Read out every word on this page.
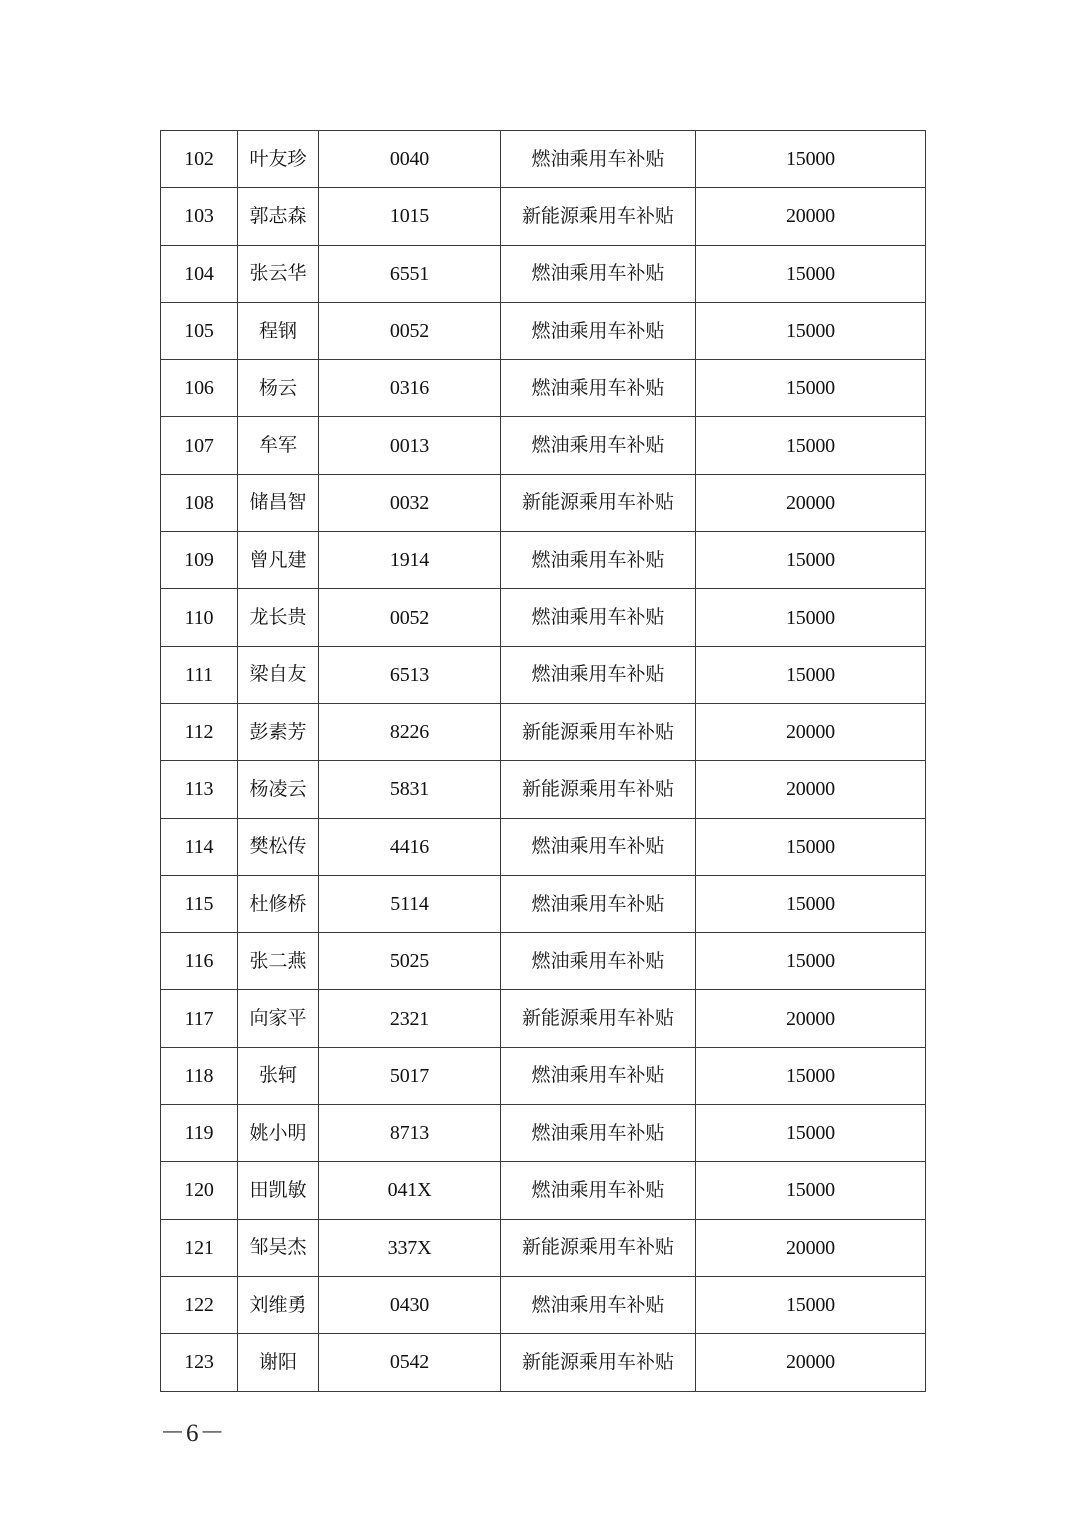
102	叶友珍	0040	燃油乘用车补贴	15000
103	郭志森	1015	新能源乘用车补贴	20000
104	张云华	6551	燃油乘用车补贴	15000
105	程钢	0052	燃油乘用车补贴	15000
106	杨云	0316	燃油乘用车补贴	15000
107	牟军	0013	燃油乘用车补贴	15000
108	储昌智	0032	新能源乘用车补贴	20000
109	曾凡建	1914	燃油乘用车补贴	15000
110	龙长贵	0052	燃油乘用车补贴	15000
111	梁自友	6513	燃油乘用车补贴	15000
112	彭素芳	8226	新能源乘用车补贴	20000
113	杨凌云	5831	新能源乘用车补贴	20000
114	樊松传	4416	燃油乘用车补贴	15000
115	杜修桥	5114	燃油乘用车补贴	15000
116	张二燕	5025	燃油乘用车补贴	15000
117	向家平	2321	新能源乘用车补贴	20000
118	张轲	5017	燃油乘用车补贴	15000
119	姚小明	8713	燃油乘用车补贴	15000
120	田凯敏	041X	燃油乘用车补贴	15000
121	邹吴杰	337X	新能源乘用车补贴	20000
122	刘维勇	0430	燃油乘用车补贴	15000
123	谢阳	0542	新能源乘用车补贴	20000
－6－
